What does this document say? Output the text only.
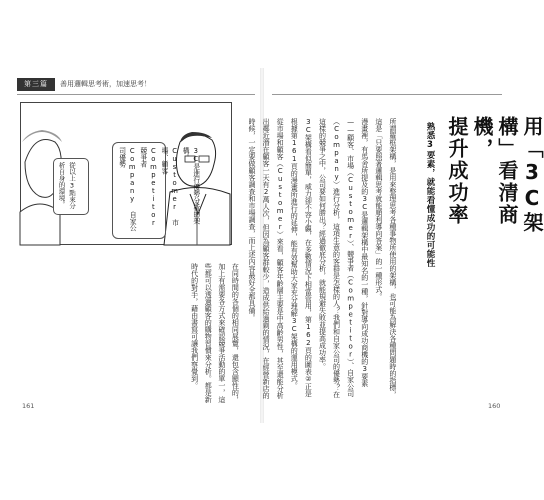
第三篇	善用邏輯思考術，加速思考！
用「3C架構」看清商機，
提升成功率
熟悉3要素，就能看懂成功的可能性

所謂羅框架構，是用來整理思考各種事物所使用的架構，也可能為解決各種問題時的指標，這是「只要照著邏輯思考就能順利導向答案」的一種形式。
漫畫裡，有馬舍所提及的3C是邏輯架構中最知名的一種，針對導向成功商機的3要素——顧客、市場（Customer）、競爭者（Competitor）、自家公司（Company）進行分析，這項生意的客群是怎樣的人？我們和自家公司的優勢？在這樣的競爭之中，公司要如何勝出？經過徹底分析，就能規避失敗並提高成功率。
3C架構看似簡單，威力卻不容小覷，在多數情況下相當管用，第162頁的圖表②正是根據第161頁的漫畫所進行的延伸，能有效幫助大家充分理解3C架構的運用模式。
從市場和顧客（Customer）來看，顧客年齡層主要是中高齡男性，其至還能分析出鄰近潛在顧客一天有2萬人次，但因為顧客群較少，造成供給過剩的情況，在經營新店的時候，一定要做顧客調查和市場調查，而上述內容最好全都具備。

160
3C是進行優勢分析的架構。
Customer 市場、顧客
Competitor 競爭者
Company 自家公司優勢
從以上3點來分析自身的環境。

在同時間的各個的相同展覽，還包含顯性的，加上有需要各方式來確認競爭活動的單一，這些都可以透過顧客的購物習慣來分析。都是新時代的對手，藉由書寫可讓我們察覺到。

161
